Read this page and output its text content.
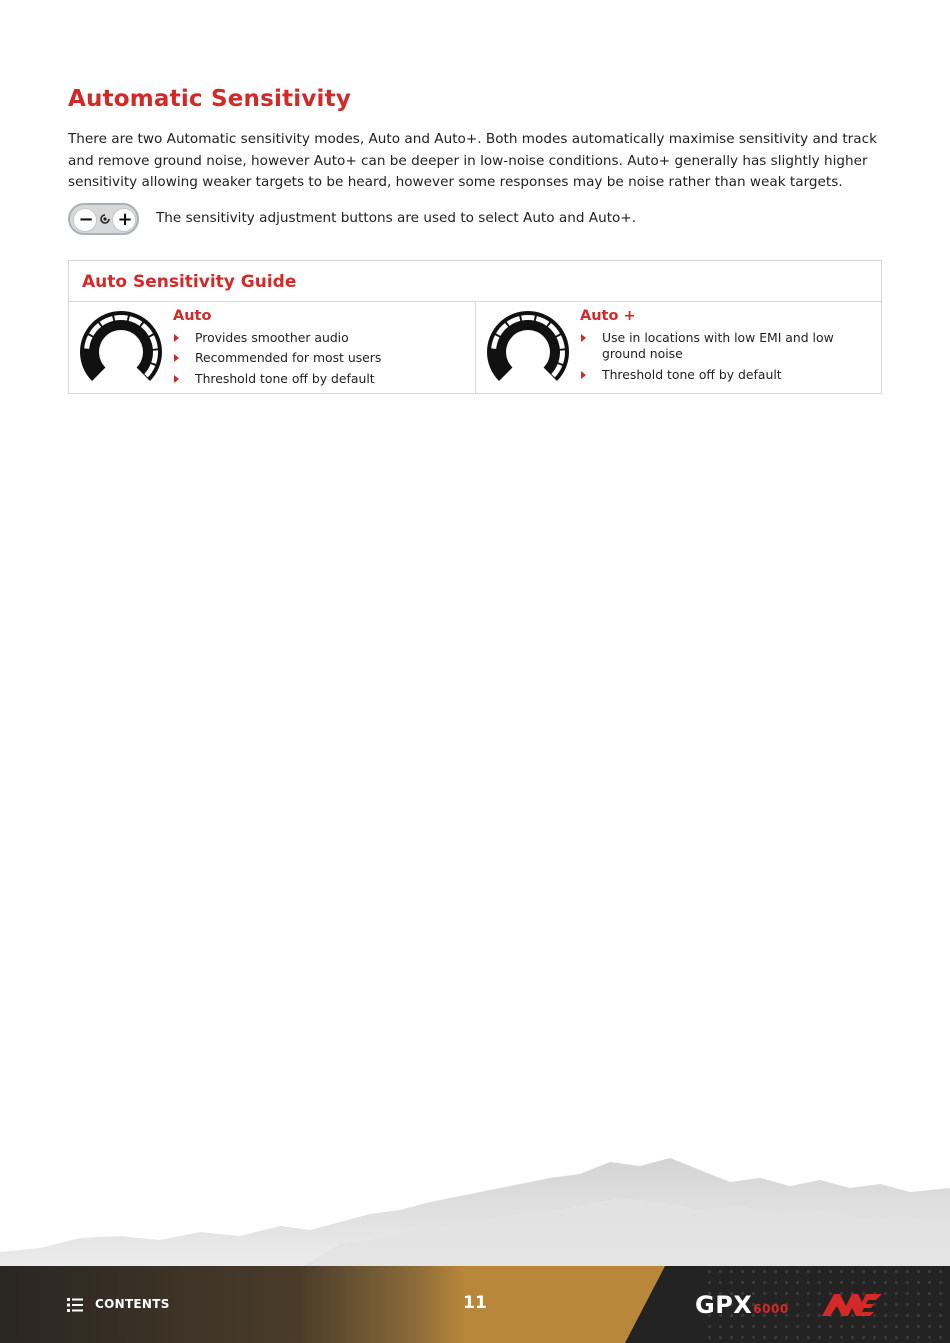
Automatic Sensitivity

There are two Automatic sensitivity modes, Auto and Auto+. Both modes automatically maximise sensitivity and track and remove ground noise, however Auto+ can be deeper in low-noise conditions. Auto+ generally has slightly higher sensitivity allowing weaker targets to be heard, however some responses may be noise rather than weak targets.

− +	The sensitivity adjustment buttons are used to select Auto and Auto+.
Auto Sensitivity Guide
Auto
Provides smoother audio
Recommended for most users
Threshold tone off by default
Auto +
Use in locations with low EMI and low ground noise
Threshold tone off by default
CONTENTS	11	GPX6000
